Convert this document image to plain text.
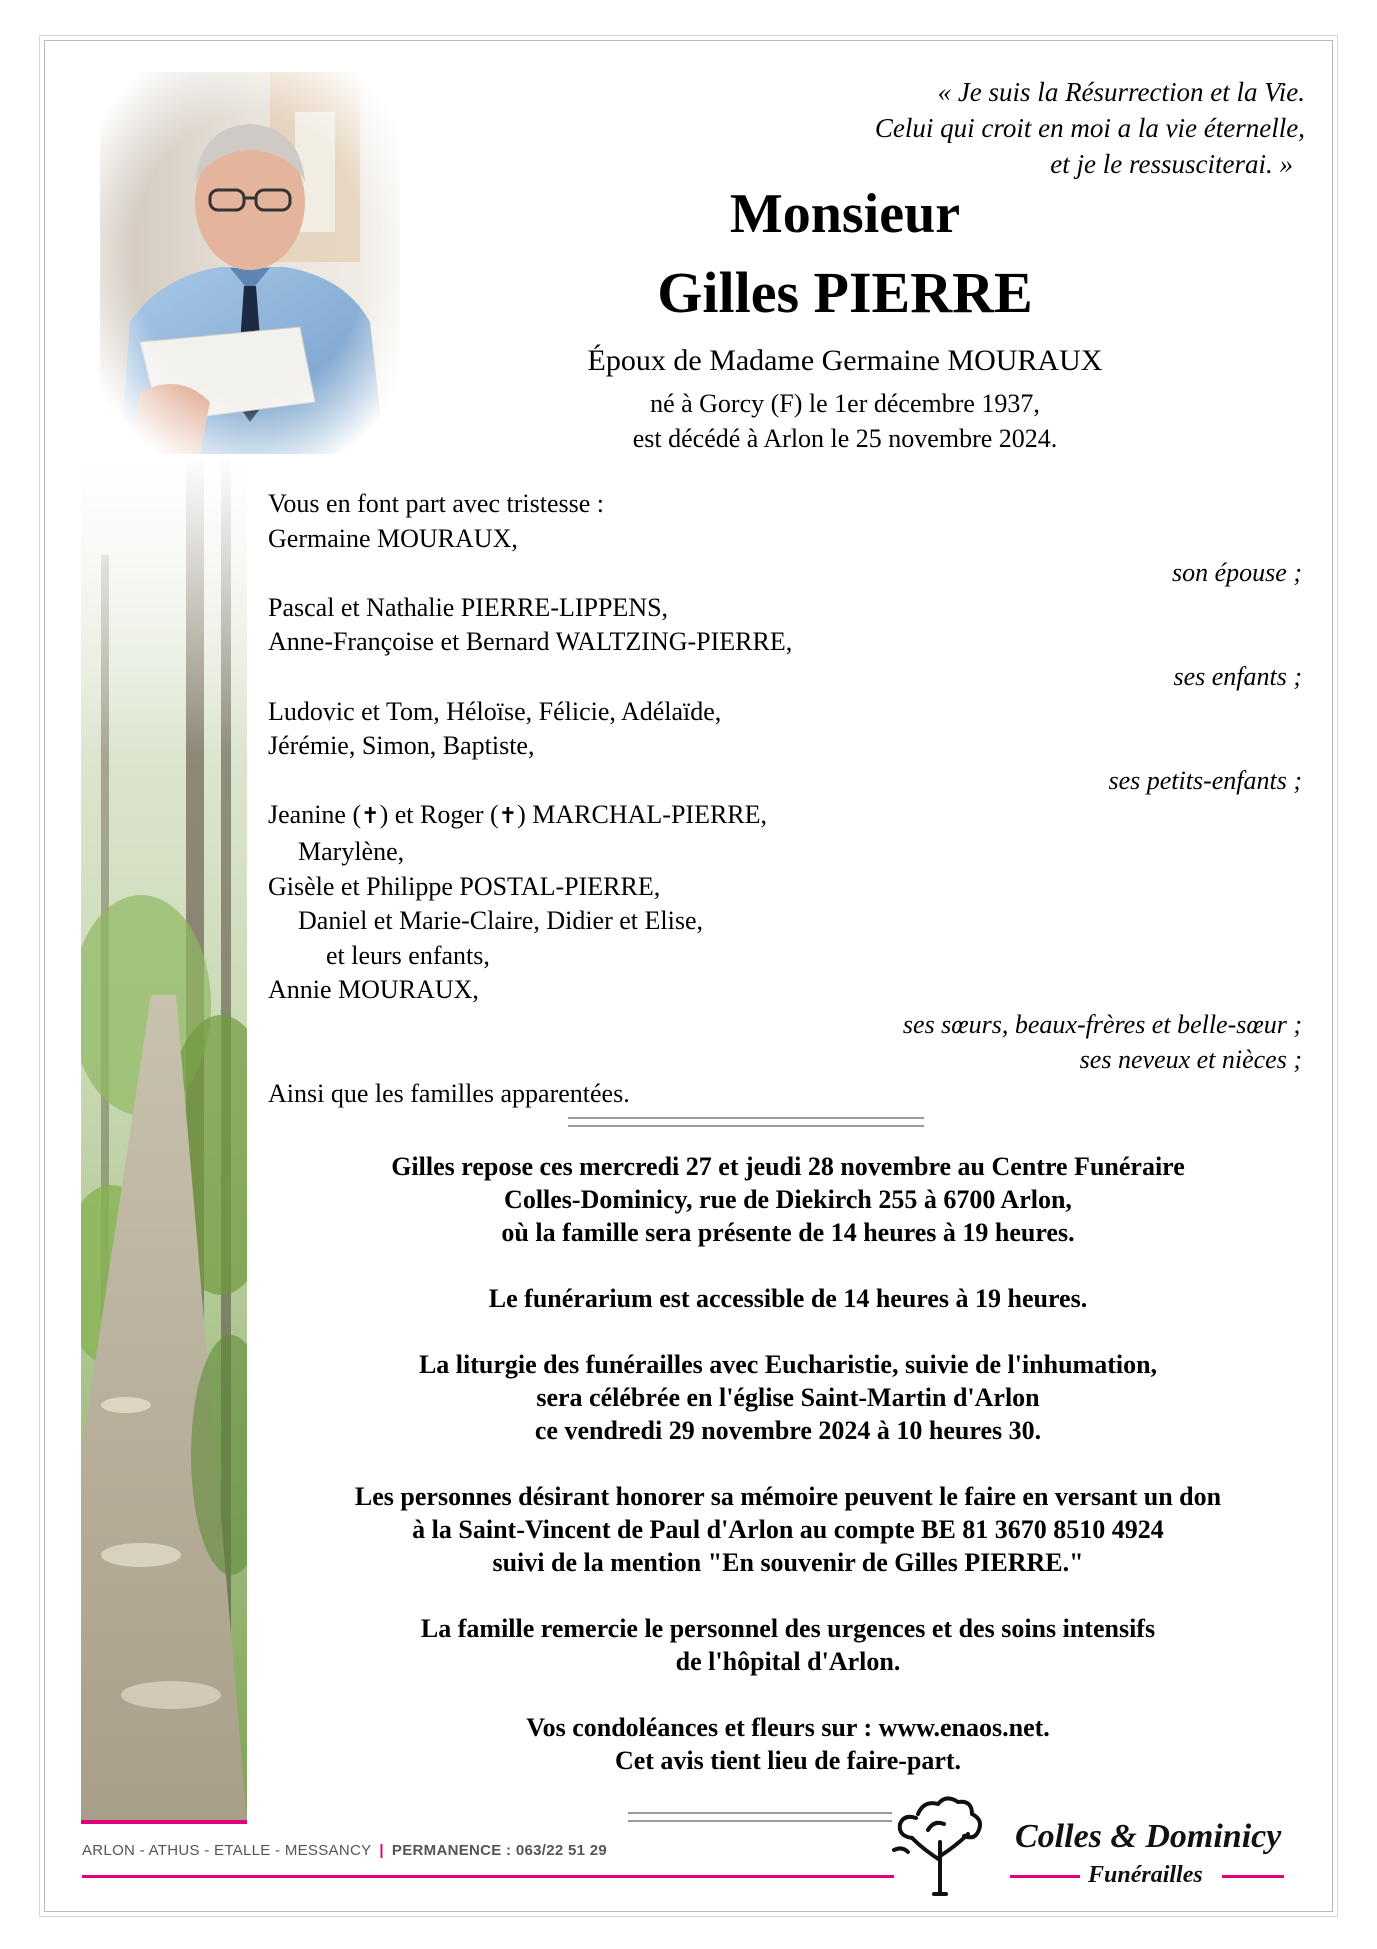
« Je suis la Résurrection et la Vie.
Celui qui croit en moi a la vie éternelle,
et je le ressusciterai. »
Monsieur
Gilles PIERRE
Époux de Madame Germaine MOURAUX
né à Gorcy (F) le 1er décembre 1937,
est décédé à Arlon le 25 novembre 2024.
Vous en font part avec tristesse :
Germaine MOURAUX,
son épouse ;
Pascal et Nathalie PIERRE-LIPPENS,
Anne-Françoise et Bernard WALTZING-PIERRE,
ses enfants ;
Ludovic et Tom, Héloïse, Félicie, Adélaïde,
Jérémie, Simon, Baptiste,
ses petits-enfants ;
Jeanine (✝) et Roger (✝) MARCHAL-PIERRE,
Marylène,
Gisèle et Philippe POSTAL-PIERRE,
Daniel et Marie-Claire, Didier et Elise,
et leurs enfants,
Annie MOURAUX,
ses sœurs, beaux-frères et belle-sœur ;
ses neveux et nièces ;
Ainsi que les familles apparentées.

Gilles repose ces mercredi 27 et jeudi 28 novembre au Centre Funéraire
Colles-Dominicy, rue de Diekirch 255 à 6700 Arlon,
où la famille sera présente de 14 heures à 19 heures.

Le funérarium est accessible de 14 heures à 19 heures.

La liturgie des funérailles avec Eucharistie, suivie de l'inhumation,
sera célébrée en l'église Saint-Martin d'Arlon
ce vendredi 29 novembre 2024 à 10 heures 30.

Les personnes désirant honorer sa mémoire peuvent le faire en versant un don
à la Saint-Vincent de Paul d'Arlon au compte BE 81 3670 8510 4924
suivi de la mention "En souvenir de Gilles PIERRE."

La famille remercie le personnel des urgences et des soins intensifs
de l'hôpital d'Arlon.

Vos condoléances et fleurs sur : www.enaos.net.
Cet avis tient lieu de faire-part.

ARLON - ATHUS - ETALLE - MESSANCY | PERMANENCE : 063/22 51 29	Colles & Dominicy
Funérailles
